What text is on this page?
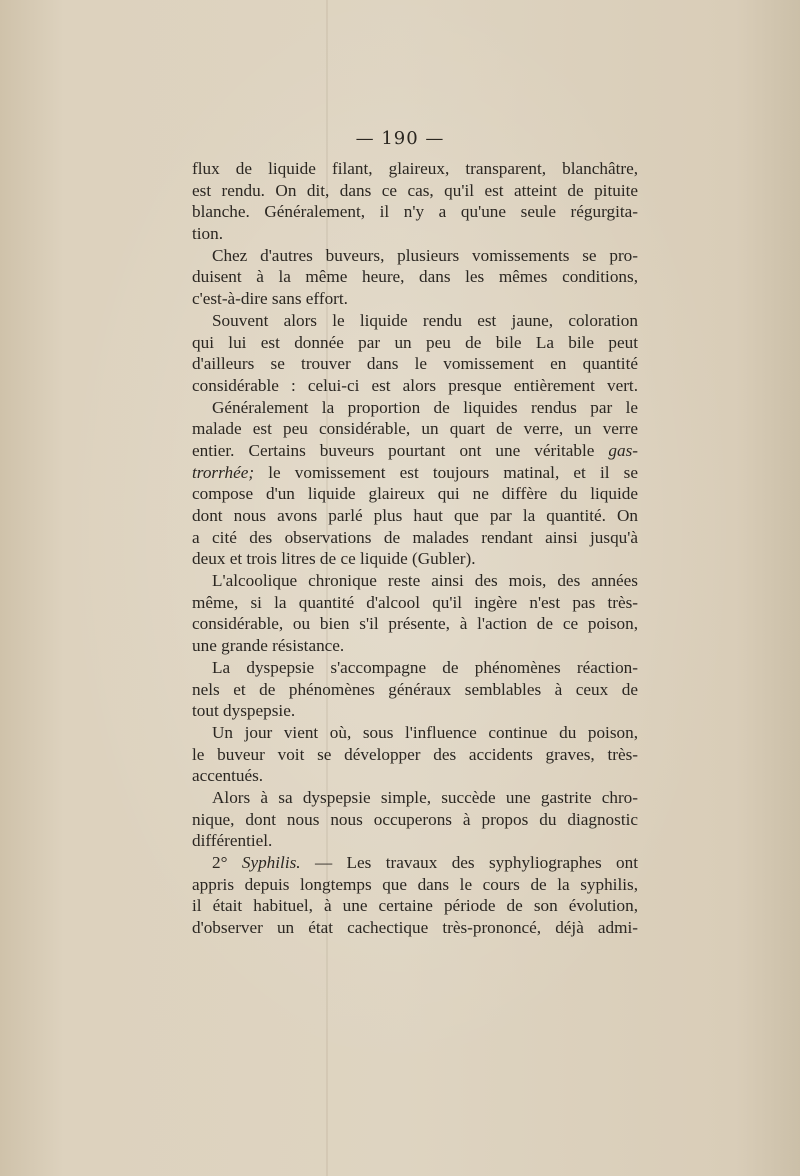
— 190 —
flux de liquide filant, glaireux, transparent, blanchâtre,
est rendu. On dit, dans ce cas, qu'il est atteint de pituite
blanche. Généralement, il n'y a qu'une seule régurgita-
tion.
Chez d'autres buveurs, plusieurs vomissements se pro-
duisent à la même heure, dans les mêmes conditions,
c'est-à-dire sans effort.
Souvent alors le liquide rendu est jaune, coloration
qui lui est donnée par un peu de bile La bile peut
d'ailleurs se trouver dans le vomissement en quantité
considérable : celui-ci est alors presque entièrement vert.
Généralement la proportion de liquides rendus par le
malade est peu considérable, un quart de verre, un verre
entier. Certains buveurs pourtant ont une véritable gas-
trorrhée; le vomissement est toujours matinal, et il se
compose d'un liquide glaireux qui ne diffère du liquide
dont nous avons parlé plus haut que par la quantité. On
a cité des observations de malades rendant ainsi jusqu'à
deux et trois litres de ce liquide (Gubler).
L'alcoolique chronique reste ainsi des mois, des années
même, si la quantité d'alcool qu'il ingère n'est pas très-
considérable, ou bien s'il présente, à l'action de ce poison,
une grande résistance.
La dyspepsie s'accompagne de phénomènes réaction-
nels et de phénomènes généraux semblables à ceux de
tout dyspepsie.
Un jour vient où, sous l'influence continue du poison,
le buveur voit se développer des accidents graves, très-
accentués.
Alors à sa dyspepsie simple, succède une gastrite chro-
nique, dont nous nous occuperons à propos du diagnostic
différentiel.
2° Syphilis. — Les travaux des syphyliographes ont
appris depuis longtemps que dans le cours de la syphilis,
il était habituel, à une certaine période de son évolution,
d'observer un état cachectique très-prononcé, déjà admi-
